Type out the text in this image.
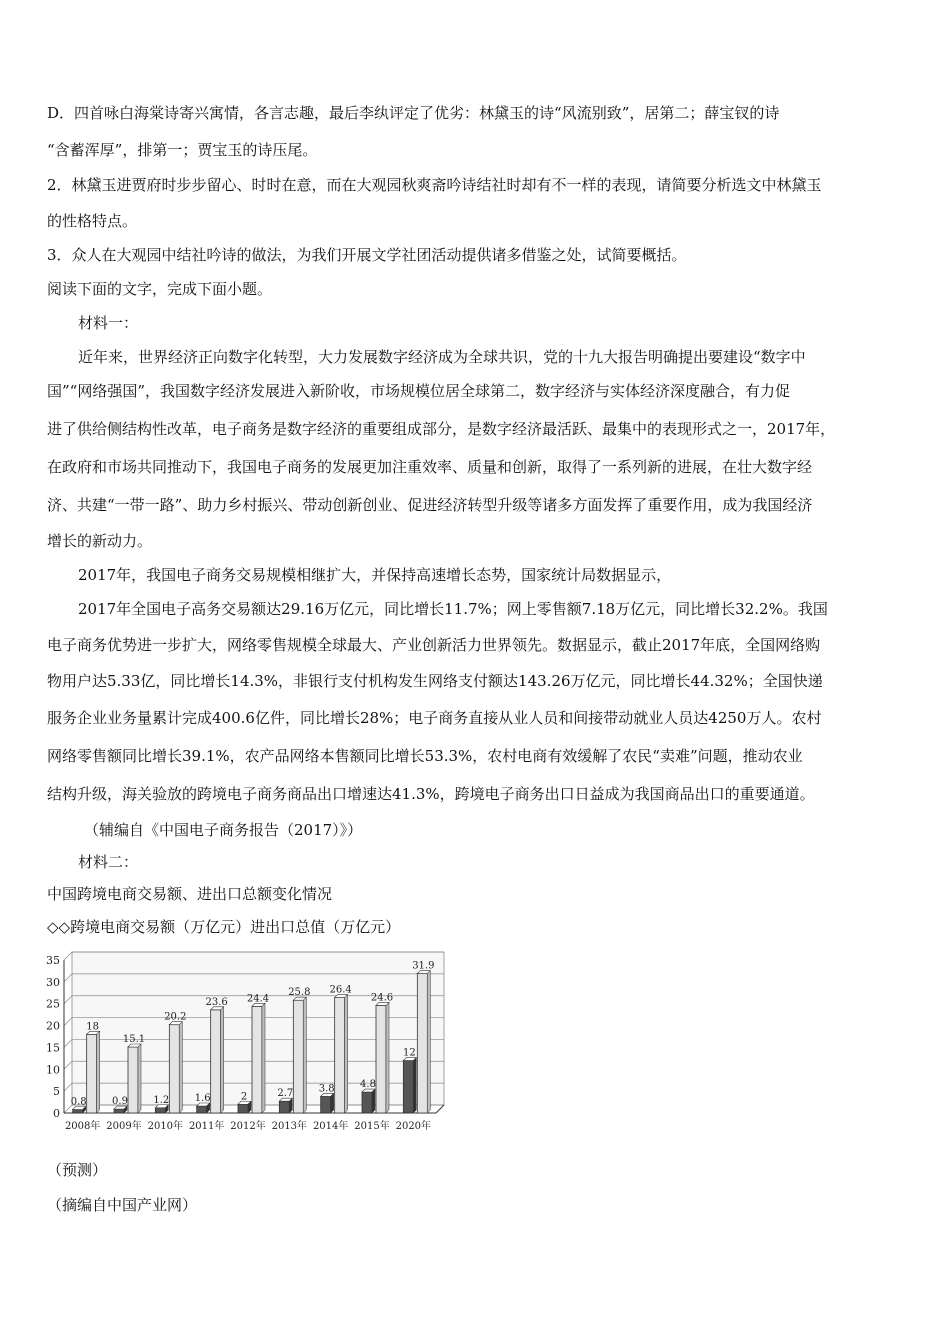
D．四首咏白海棠诗寄兴寓情，各言志趣，最后李纨评定了优劣：林黛玉的诗“风流别致”，居第二；薛宝钗的诗
“含蓄浑厚”，排第一；贾宝玉的诗压尾。
2．林黛玉进贾府时步步留心、时时在意，而在大观园秋爽斋吟诗结社时却有不一样的表现，请简要分析选文中林黛玉
的性格特点。
3．众人在大观园中结社吟诗的做法，为我们开展文学社团活动提供诸多借鉴之处，试简要概括。
阅读下面的文字，完成下面小题。
材料一：
近年来，世界经济正向数字化转型，大力发展数字经济成为全球共识，党的十九大报告明确提出要建设“数字中
国”“网络强国”，我国数字经济发展进入新阶收，市场规模位居全球第二，数字经济与实体经济深度融合，有力促
进了供给侧结构性改革，电子商务是数字经济的重要组成部分，是数字经济最活跃、最集中的表现形式之一，2017年，
在政府和市场共同推动下，我国电子商务的发展更加注重效率、质量和创新，取得了一系列新的进展，在壮大数字经
济、共建“一带一路”、助力乡村振兴、带动创新创业、促进经济转型升级等诸多方面发挥了重要作用，成为我国经济
增长的新动力。
2017年，我国电子商务交易规模相继扩大，并保持高速增长态势，国家统计局数据显示，
2017年全国电子高务交易额达29.16万亿元，同比增长11.7%；网上零售额7.18万亿元，同比增长32.2%。我国
电子商务优势进一步扩大，网络零售规模全球最大、产业创新活力世界领先。数据显示，截止2017年底，全国网络购
物用户达5.33亿，同比增长14.3%，非银行支付机构发生网络支付额达143.26万亿元，同比增长44.32%；全国快递
服务企业业务量累计完成400.6亿件，同比增长28%；电子商务直接从业人员和间接带动就业人员达4250万人。农村
网络零售额同比增长39.1%，农产品网络本售额同比增长53.3%，农村电商有效缓解了农民“卖难”问题，推动农业
结构升级，海关验放的跨境电子商务商品出口增速达41.3%，跨境电子商务出口日益成为我国商品出口的重要通道。
（辅编自《中国电子商务报告（2017）》）
材料二：
中国跨境电商交易额、进出口总额变化情况
◇◇跨境电商交易额（万亿元）进出口总值（万亿元）
0
5
10
15
20
25
30
35
0.8
18
2008年
0.9
15.1
2009年
1.2
20.2
2010年
1.6
23.6
2011年
2
24.4
2012年
2.7
25.8
2013年
3.8
26.4
2014年
4.8
24.6
2015年
12
31.9
2020年
（预测）
（摘编自中国产业网）
